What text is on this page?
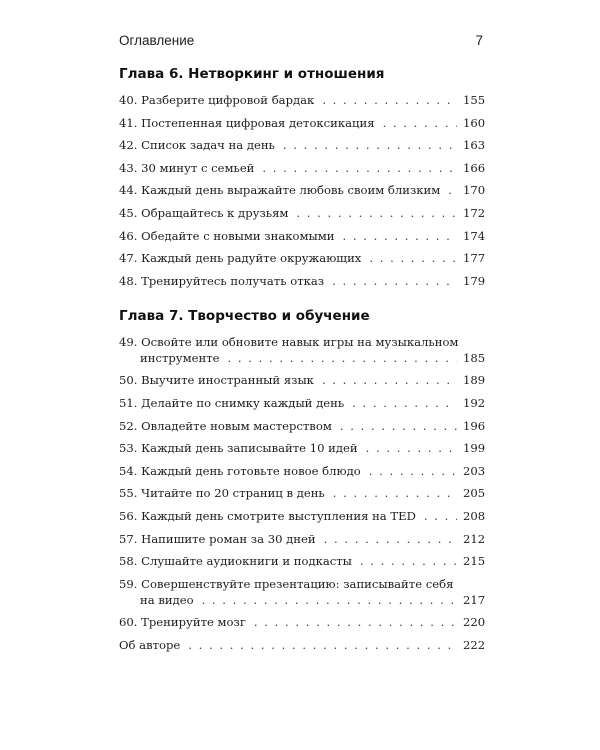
Оглавление	7
Глава 6. Нетворкинг и отношения
40. Разберите цифровой бардак . . .	155
41. Постепенная цифровая детоксикация . . .	160
42. Список задач на день . . .	163
43. 30 минут с семьей . . .	166
44. Каждый день выражайте любовь своим близким . . . 170
45. Обращайтесь к друзьям . . .	172
46. Обедайте с новыми знакомыми . . .	174
47. Каждый день радуйте окружающих . . .	177
48. Тренируйтесь получать отказ . . .	179
Глава 7. Творчество и обучение
49. Освойте или обновите навык игры на музыкальном
инструменте . . .	185
50. Выучите иностранный язык . . .	189
51. Делайте по снимку каждый день . . .	192
52. Овладейте новым мастерством . . .	196
53. Каждый день записывайте 10 идей . . .	199
54. Каждый день готовьте новое блюдо . . .	203
55. Читайте по 20 страниц в день . . .	205
56. Каждый день смотрите выступления на TED . . .	208
57. Напишите роман за 30 дней . . .	212
58. Слушайте аудиокниги и подкасты . . .	215
59. Совершенствуйте презентацию: записывайте себя
на видео . . .	217
60. Тренируйте мозг . . .	220
Об авторе . . .	222
